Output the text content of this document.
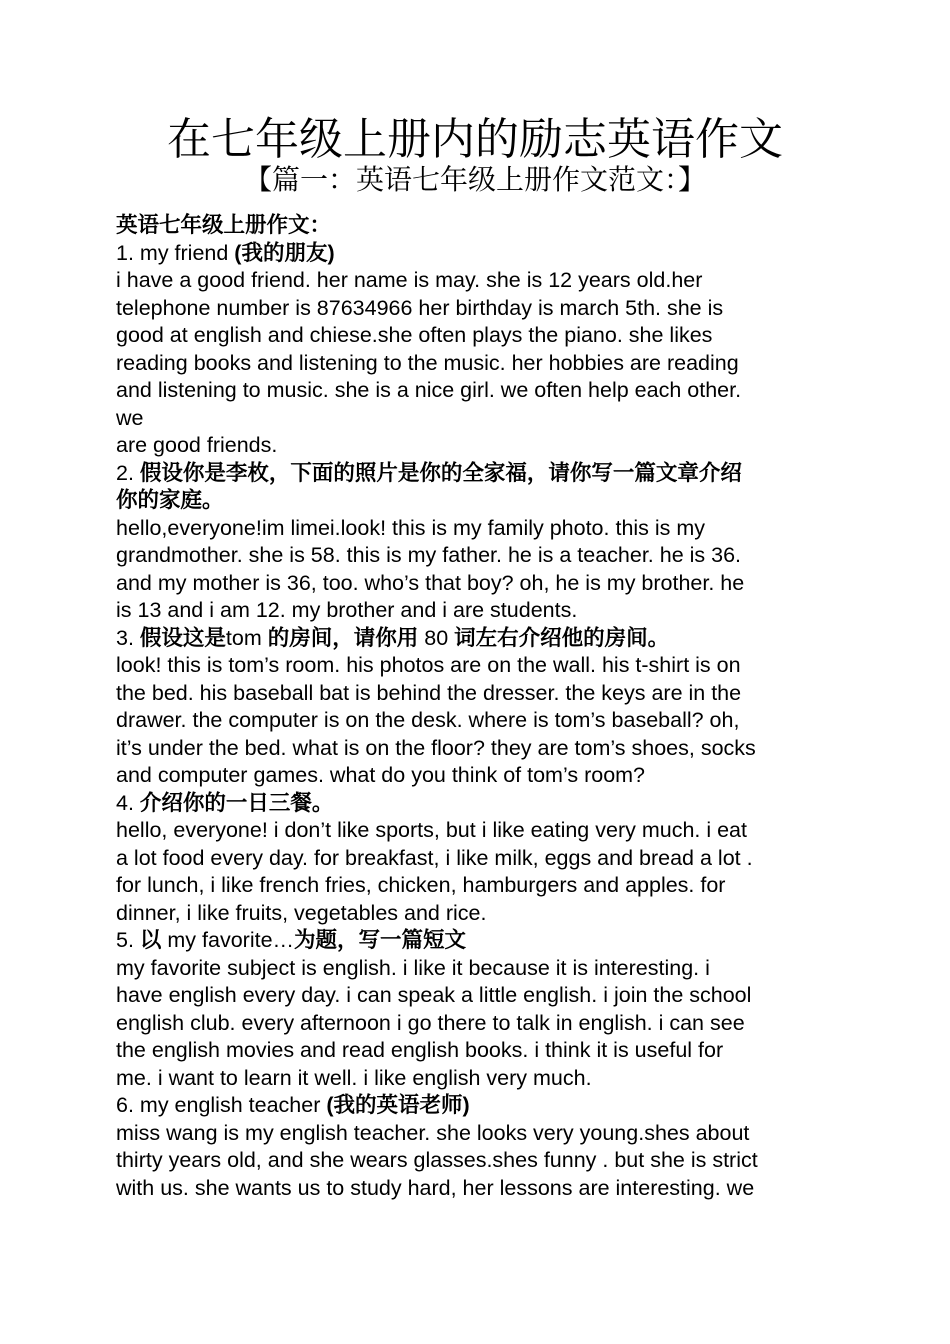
在七年级上册内的励志英语作文
【篇一：英语七年级上册作文范文：】
英语七年级上册作文：
1. my friend (我的朋友)
i have a good friend. her name is may. she is 12 years old.her
telephone number is 87634966 her birthday is march 5th. she is
good at english and chiese.she often plays the piano. she likes
reading books and listening to the music. her hobbies are reading
and listening to music. she is a nice girl. we often help each other.
we
are good friends.
2. 假设你是李枚，下面的照片是你的全家福，请你写一篇文章介绍
你的家庭。
hello,everyone!im limei.look! this is my family photo. this is my
grandmother. she is 58. this is my father. he is a teacher. he is 36.
and my mother is 36, too. who’s that boy? oh, he is my brother. he
is 13 and i am 12. my brother and i are students.
3. 假设这是tom 的房间，请你用 80 词左右介绍他的房间。
look! this is tom’s room. his photos are on the wall. his t-shirt is on
the bed. his baseball bat is behind the dresser. the keys are in the
drawer. the computer is on the desk. where is tom’s baseball? oh,
it’s under the bed. what is on the floor? they are tom’s shoes, socks
and computer games. what do you think of tom’s room?
4. 介绍你的一日三餐。
hello, everyone! i don’t like sports, but i like eating very much. i eat
a lot food every day. for breakfast, i like milk, eggs and bread a lot .
for lunch, i like french fries, chicken, hamburgers and apples. for
dinner, i like fruits, vegetables and rice.
5. 以 my favorite…为题，写一篇短文
my favorite subject is english. i like it because it is interesting. i
have english every day. i can speak a little english. i join the school
english club. every afternoon i go there to talk in english. i can see
the english movies and read english books. i think it is useful for
me. i want to learn it well. i like english very much.
6. my english teacher (我的英语老师)
miss wang is my english teacher. she looks very young.shes about
thirty years old, and she wears glasses.shes funny . but she is strict
with us. she wants us to study hard, her lessons are interesting. we
